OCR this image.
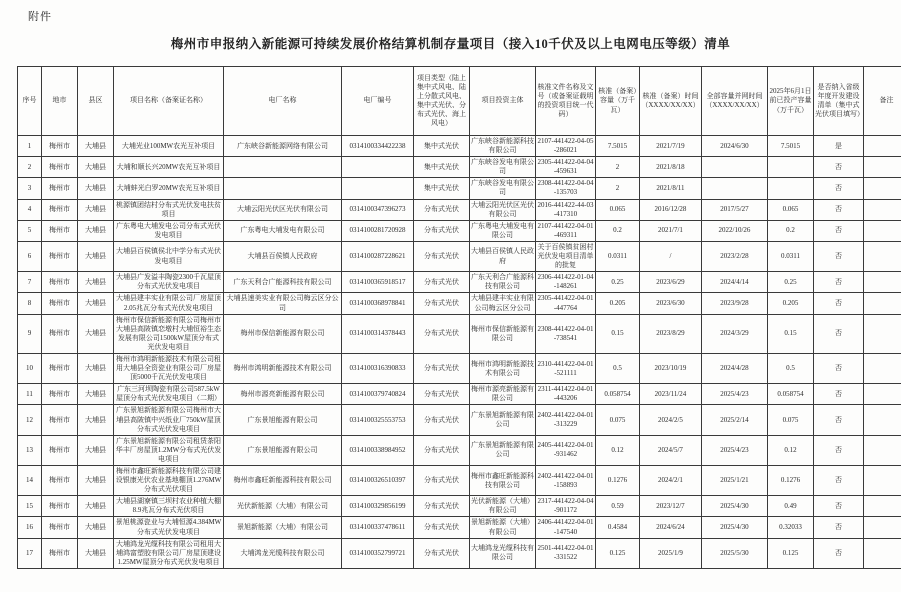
附件
梅州市申报纳入新能源可持续发展价格结算机制存量项目（接入10千伏及以上电网电压等级）清单
序号	地市	县区	项目名称（备案证名称）	电厂名称	电厂编号	项目类型（陆上集中式风电、陆上分散式风电、集中式光伏、分布式光伏、海上风电）	项目投资主体	核准文件名称及文号（或备案证载明的投资项目统一代码）	核准（备案）容量（万千瓦）	核准（备案）时间（XXXX/XX/XX）	全部容量并网时间（XXXX/XX/XX）	2025年6月1日前已投产容量（万千瓦）	是否纳入省级年度开发建设清单（集中式光伏项目填写）	备注
1	梅州市	大埔县	大埔光业100MW农光互补项目	广东峡谷新能源网络有限公司	0314100334422238	集中式光伏	广东峡谷新能源科技有限公司	2107-441422-04-05-286021	7.5015	2021/7/19	2024/6/30	7.5015	是	
2	梅州市	大埔县	大埔和顺长兴20MW农光互补项目			集中式光伏	广东峡谷发电有限公司	2305-441422-04-04-459631	2	2021/8/18			否	
3	梅州市	大埔县	大埔蚌光白罗20MW农光互补项目			集中式光伏	广东峡谷发电有限公司	2308-441422-04-04-135703	2	2021/8/11			否	
4	梅州市	大埔县	桃源镇团结村分布式光伏发电扶贫项目	大埔云阳光伏区光伏有限公司	0314100347396273	分布式光伏	大埔云阳光伏区光伏有限公司	2016-441422-44-03-417310	0.065	2016/12/28	2017/5/27	0.065	否	
5	梅州市	大埔县	广东粤电大埔发电公司分布式光伏发电项目	广东粤电大埔发电有限公司	0314100281720928	分布式光伏	广东粤电大埔发电有限公司	2107-441422-04-01-469311	0.2	2021/7/1	2022/10/26	0.2	否	
6	梅州市	大埔县	大埔县百侯镇侯北中学分布式光伏发电项目	大埔县百侯镇人民政府	0314100287228621	分布式光伏	大埔县百侯镇人民政府	关于百侯镇贫困村光伏发电项目清单的批复	0.0311	/	2023/2/28	0.0311	否	
7	梅州市	大埔县	大埔县广发溢丰陶瓷2300千瓦屋顶分布式光伏发电项目	广东天利合广能源科技有限公司	0314100365918517	分布式光伏	广东天利合广能源科技有限公司	2306-441422-01-04-148261	0.25	2023/6/29	2024/4/14	0.25	否	
8	梅州市	大埔县	大埔县建丰实业有限公司厂房屋顶2.05兆瓦分布式光伏发电项目	大埔县速美实业有限公司梅云区分公司	0314100368978841	分布式光伏	大埔县建丰实业有限公司梅云区分公司	2305-441422-04-01-447764	0.205	2023/6/30	2023/9/28	0.205	否	
9	梅州市	大埔县	梅州市保信新能源有限公司梅州市大埔县高陂镇恋墩村大埔恒裕生态发展有限公司1500kW屋顶分布式光伏发电项目	梅州市保信新能源有限公司	0314100314378443	分布式光伏	梅州市保信新能源有限公司	2308-441422-04-01-738541	0.15	2023/8/29	2024/3/29	0.15	否	
10	梅州市	大埔县	梅州市鸿明新能源技术有限公司租用大埔县全资瓷业有限公司厂房屋顶5000千瓦光伏发电项目	梅州市鸿明新能源技术有限公司	0314100316390833	分布式光伏	梅州市鸿明新能源技术有限公司	2310-441422-04-01-521111	0.5	2023/10/19	2024/4/28	0.5	否	
11	梅州市	大埔县	广东三河坝陶瓷有限公司587.5kW屋顶分布式光伏发电项目（二期）	梅州市源亮新能源有限公司	0314100379740824	分布式光伏	梅州市源亮新能源有限公司	2311-441422-04-01-443206	0.058754	2023/11/24	2025/4/23	0.058754	否	
12	梅州市	大埔县	广东景旭新能源有限公司梅州市大埔县高陂镇中兴纸业厂750kW屋顶分布式光伏发电项目	广东景旭能源有限公司	0314100325553753	分布式光伏	广东景旭新能源有限公司	2402-441422-04-01-313229	0.075	2024/2/5	2025/2/14	0.075	否	
13	梅州市	大埔县	广东景旭新能源有限公司租赁茶阳华丰厂房屋顶1.2MW分布式光伏发电项目	广东景旭能源有限公司	0314100338984952	分布式光伏	广东景旭新能源有限公司	2405-441422-04-01-931462	0.12	2024/5/7	2025/4/23	0.12	否	
14	梅州市	大埔县	梅州市鑫旺新能源科技有限公司建设银康光伏农业基地棚顶1.276MW分布式光伏项目	梅州市鑫旺新能源科技有限公司	0314100326510397	分布式光伏	梅州市鑫旺新能源科技有限公司	2402-441422-04-01-158893	0.1276	2024/2/1	2025/1/21	0.1276	否	
15	梅州市	大埔县	大埔县湖寮镇三坝村农业种植大棚8.9兆瓦分布式光伏项目	光伏新能源（大埔）有限公司	0314100329856199	分布式光伏	光伏新能源（大埔）有限公司	2317-441422-04-04-901172	0.59	2023/12/7	2025/4/30	0.49	否	
16	梅州市	大埔县	景旭桃源瓷业与大埔恒源4.384MW分布式光伏发电项目	景旭新能源（大埔）有限公司	0314100337478611	分布式光伏	景旭新能源（大埔）有限公司	2406-441422-04-01-147540	0.4584	2024/6/24	2025/4/30	0.32033	否	
17	梅州市	大埔县	大埔鸿龙光缆科技有限公司租用大埔鸿富塑胶有限公司厂房屋顶建设1.25MW屋顶分布式光伏发电项目	大埔鸿龙光缆科技有限公司	0314100352799721	分布式光伏	大埔鸿龙光缆科技有限公司	2501-441422-04-01-331522	0.125	2025/1/9	2025/5/30	0.125	否	
